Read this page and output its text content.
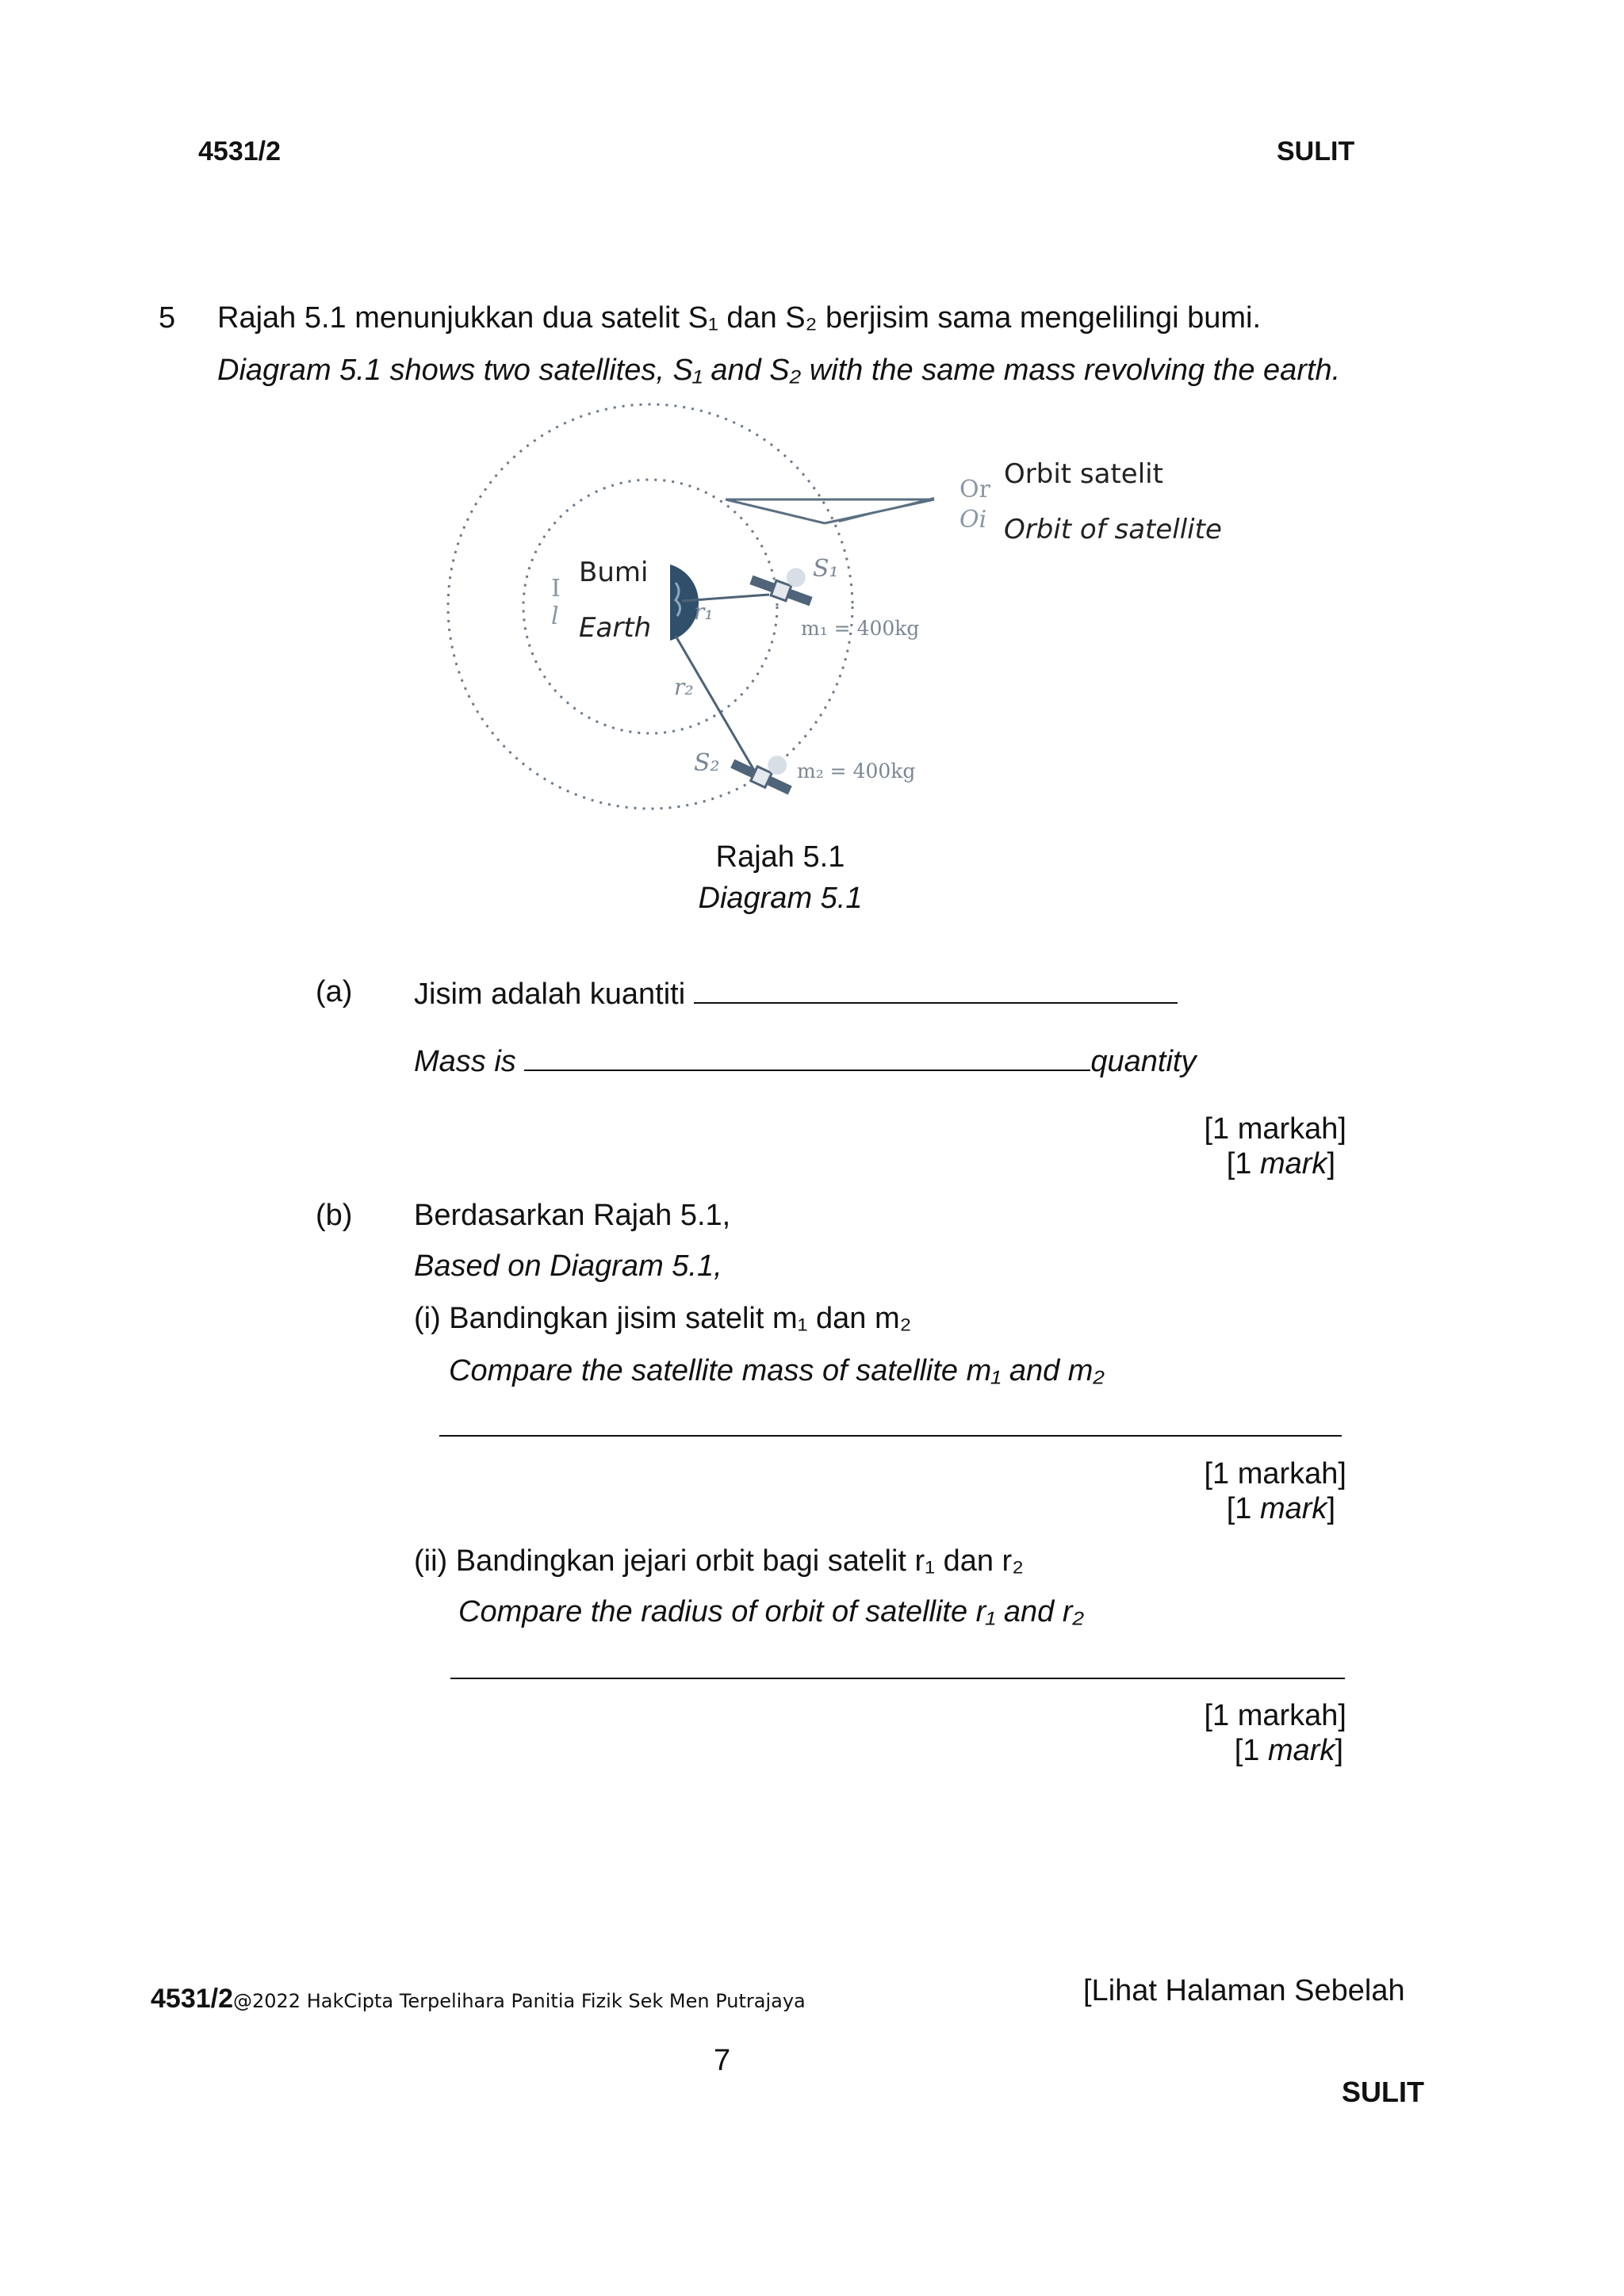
4531/2	SULIT
5 Rajah 5.1 menunjukkan dua satelit S₁ dan S₂ berjisim sama mengelilingi bumi.
Diagram 5.1 shows two satellites, S₁ and S₂ with the same mass revolving the earth.
Or
Oi
Orbit satelit
Orbit of satellite
I
l
Bumi
Earth
S₁
r₁
m₁ = 400kg
r₂
S₂	m₂ = 400kg
Rajah 5.1
Diagram 5.1
(a) Jisim adalah kuantiti
Mass is	quantity
[1 markah]
[1 mark]
(b) Berdasarkan Rajah 5.1,
Based on Diagram 5.1,
(i) Bandingkan jisim satelit m₁ dan m₂
Compare the satellite mass of satellite m₁ and m₂
[1 markah]
[1 mark]
(ii) Bandingkan jejari orbit bagi satelit r₁ dan r₂
Compare the radius of orbit of satellite r₁ and r₂
[1 markah]
[1 mark]
4531/2@2022 HakCipta Terpelihara Panitia Fizik Sek Men Putrajaya	[Lihat Halaman Sebelah
7
SULIT
